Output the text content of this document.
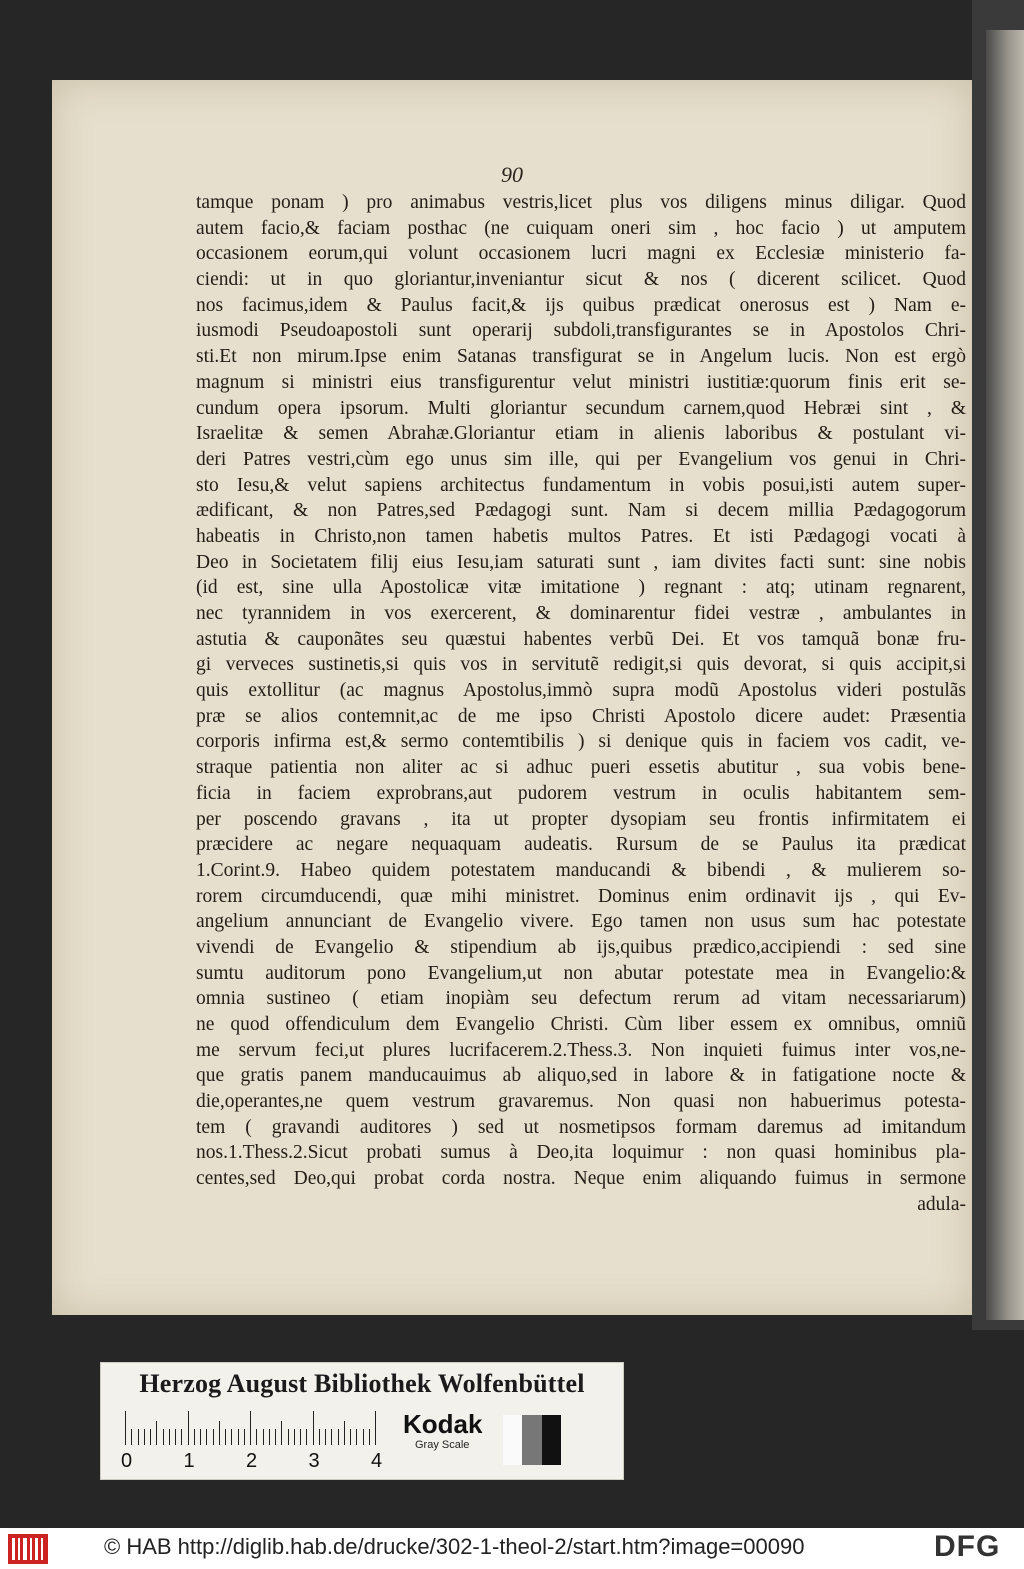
90
tamque ponam ) pro animabus vestris,licet plus vos diligens minus diligar. Quod
autem facio,& faciam posthac (ne cuiquam oneri sim , hoc facio ) ut amputem
occasionem eorum,qui volunt occasionem lucri magni ex Ecclesiæ ministerio fa-
ciendi: ut in quo gloriantur,inveniantur sicut & nos ( dicerent scilicet. Quod
nos facimus,idem & Paulus facit,& ijs quibus prædicat onerosus est ) Nam e-
iusmodi Pseudoapostoli sunt operarij subdoli,transfigurantes se in Apostolos Chri-
sti.Et non mirum.Ipse enim Satanas transfigurat se in Angelum lucis. Non est ergò
magnum si ministri eius transfigurentur velut ministri iustitiæ:quorum finis erit se-
cundum opera ipsorum. Multi gloriantur secundum carnem,quod Hebræi sint , &
Israelitæ & semen Abrahæ.Gloriantur etiam in alienis laboribus & postulant vi-
deri Patres vestri,cùm ego unus sim ille, qui per Evangelium vos genui in Chri-
sto Iesu,& velut sapiens architectus fundamentum in vobis posui,isti autem super-
ædificant, & non Patres,sed Pædagogi sunt. Nam si decem millia Pædagogorum
habeatis in Christo,non tamen habetis multos Patres. Et isti Pædagogi vocati à
Deo in Societatem filij eius Iesu,iam saturati sunt , iam divites facti sunt: sine nobis
(id est, sine ulla Apostolicæ vitæ imitatione ) regnant : atq; utinam regnarent,
nec tyrannidem in vos exercerent, & dominarentur fidei vestræ , ambulantes in
astutia & cauponãtes seu quæstui habentes verbũ Dei. Et vos tamquã bonæ fru-
gi verveces sustinetis,si quis vos in servitutẽ redigit,si quis devorat, si quis accipit,si
quis extollitur (ac magnus Apostolus,immò supra modũ Apostolus videri postulãs
præ se alios contemnit,ac de me ipso Christi Apostolo dicere audet: Præsentia
corporis infirma est,& sermo contemtibilis ) si denique quis in faciem vos cadit, ve-
straque patientia non aliter ac si adhuc pueri essetis abutitur , sua vobis bene-
ficia in faciem exprobrans,aut pudorem vestrum in oculis habitantem sem-
per poscendo gravans , ita ut propter dysopiam seu frontis infirmitatem ei
præcidere ac negare nequaquam audeatis. Rursum de se Paulus ita prædicat
1.Corint.9. Habeo quidem potestatem manducandi & bibendi , & mulierem so-
rorem circumducendi, quæ mihi ministret. Dominus enim ordinavit ijs , qui Ev-
angelium annunciant de Evangelio vivere. Ego tamen non usus sum hac potestate
vivendi de Evangelio & stipendium ab ijs,quibus prædico,accipiendi : sed sine
sumtu auditorum pono Evangelium,ut non abutar potestate mea in Evangelio:&
omnia sustineo ( etiam inopiàm seu defectum rerum ad vitam necessariarum)
ne quod offendiculum dem Evangelio Christi. Cùm liber essem ex omnibus, omniũ
me servum feci,ut plures lucrifacerem.2.Thess.3. Non inquieti fuimus inter vos,ne-
que gratis panem manducauimus ab aliquo,sed in labore & in fatigatione nocte &
die,operantes,ne quem vestrum gravaremus. Non quasi non habuerimus potesta-
tem ( gravandi auditores ) sed ut nosmetipsos formam daremus ad imitandum
nos.1.Thess.2.Sicut probati sumus à Deo,ita loquimur : non quasi hominibus pla-
centes,sed Deo,qui probat corda nostra. Neque enim aliquando fuimus in sermone
adula-
Herzog August Bibliothek Wolfenbüttel
Kodak
Gray Scale
0	1	2	3	4
© HAB http://diglib.hab.de/drucke/302-1-theol-2/start.htm?image=00090	DFG
